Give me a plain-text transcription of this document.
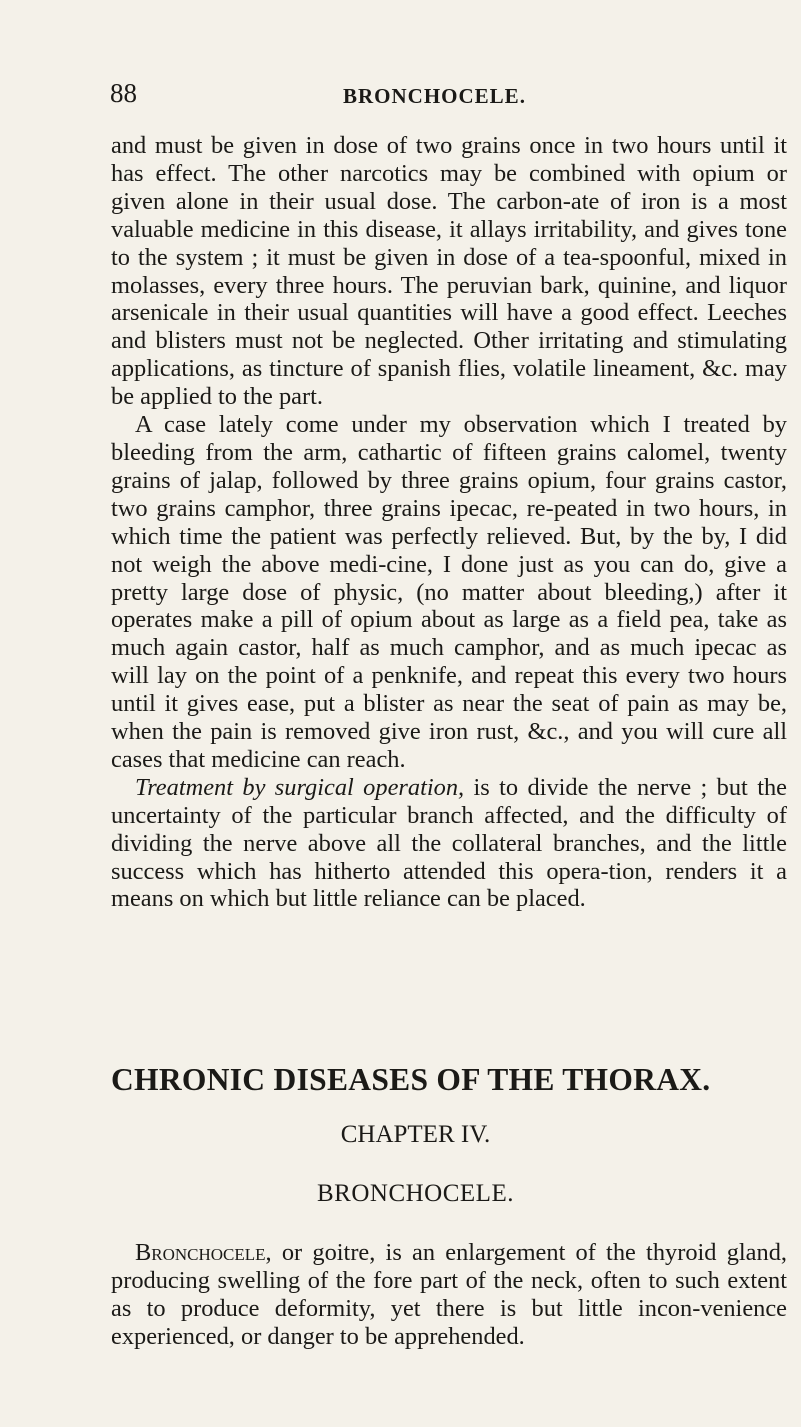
88	BRONCHOCELE.

and must be given in dose of two grains once in two hours until it has effect. The other narcotics may be combined with opium or given alone in their usual dose. The carbon-ate of iron is a most valuable medicine in this disease, it allays irritability, and gives tone to the system ; it must be given in dose of a tea-spoonful, mixed in molasses, every three hours. The peruvian bark, quinine, and liquor arsenicale in their usual quantities will have a good effect. Leeches and blisters must not be neglected. Other irritating and stimulating applications, as tincture of spanish flies, volatile lineament, &c. may be applied to the part.

A case lately come under my observation which I treated by bleeding from the arm, cathartic of fifteen grains calomel, twenty grains of jalap, followed by three grains opium, four grains castor, two grains camphor, three grains ipecac, re-peated in two hours, in which time the patient was perfectly relieved. But, by the by, I did not weigh the above medi-cine, I done just as you can do, give a pretty large dose of physic, (no matter about bleeding,) after it operates make a pill of opium about as large as a field pea, take as much again castor, half as much camphor, and as much ipecac as will lay on the point of a penknife, and repeat this every two hours until it gives ease, put a blister as near the seat of pain as may be, when the pain is removed give iron rust, &c., and you will cure all cases that medicine can reach.

Treatment by surgical operation, is to divide the nerve ; but the uncertainty of the particular branch affected, and the difficulty of dividing the nerve above all the collateral branches, and the little success which has hitherto attended this opera-tion, renders it a means on which but little reliance can be placed.

CHRONIC DISEASES OF THE THORAX.
CHAPTER IV.
BRONCHOCELE.

Bronchocele, or goitre, is an enlargement of the thyroid gland, producing swelling of the fore part of the neck, often to such extent as to produce deformity, yet there is but little incon-venience experienced, or danger to be apprehended.
